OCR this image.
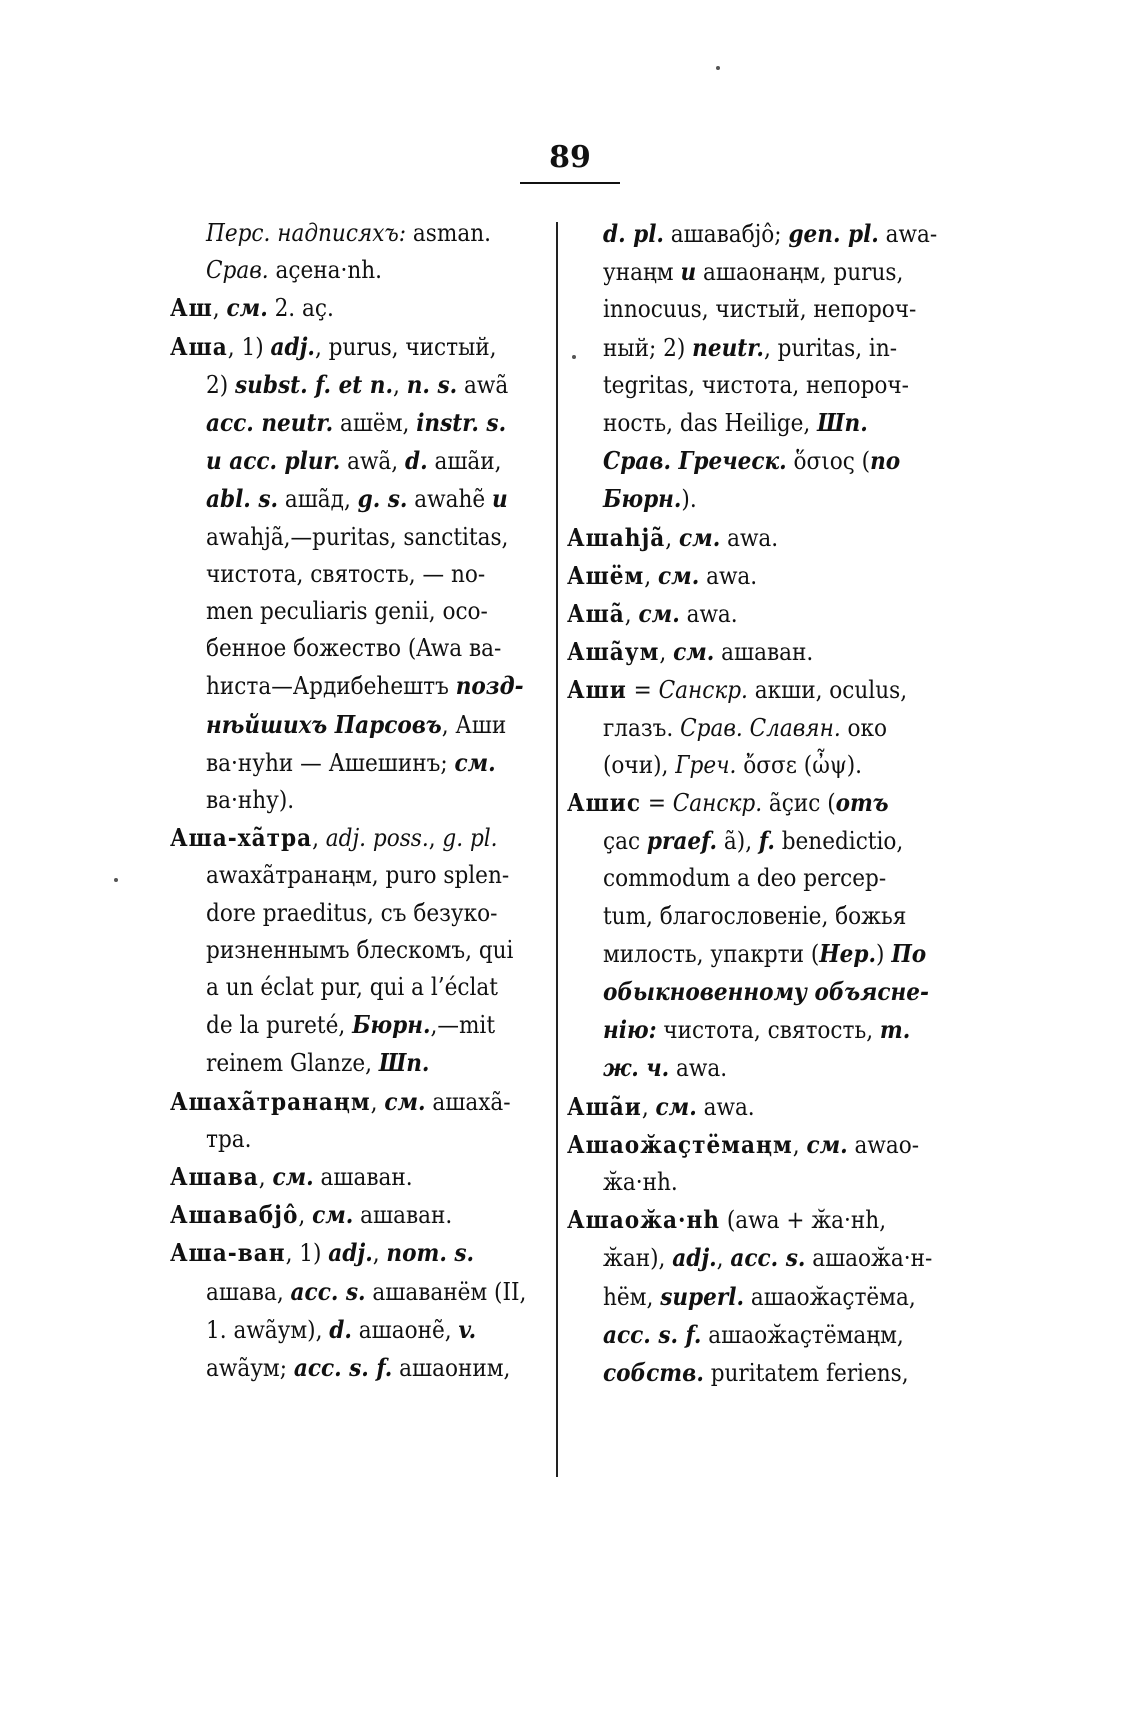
89
Перс. надписяхъ: asman.
Срав. açена·nh.
Аш, см. 2. aç.
Аша, 1) adj., purus, чистый,
2) subst. f. et n., n. s. awã
acc. neutr. ашём, instr. s.
и acc. plur. awã, d. aшãи,
abl. s. aшãд, g. s. awahẽ и
awahjã,—puritas, sanctitas,
чистота, святость, — no-
men peculiaris genii, осо-
бенное божество (Awa ва-
hиста—Ардибеhештъ позд-
нѣйшихъ Парсовъ, Аши
ва·нуhи — Ашешинъ; см.
ва·нhу).
Аша-хãтра, adj. poss., g. pl.
awaxãтранаңм, puro splen-
dore praeditus, съ безуко-
ризненнымъ блескомъ, qui
a un éclat pur, qui a l’éclat
de la pureté, Бюрн.,—mit
reinem Glanze, Шп.
Ашахãтранаңм, см. ашахã-
тра.
Ашава, см. ашаван.
Ашавабjô, см. ашаван.
Аша-ван, 1) adj., nom. s.
ашава, acc. s. ашаванём (II,
1. awãум), d. ашаонẽ, v.
awãум; acc. s. f. ашаоним,
d. pl. ашавабjô; gen. pl. awa-
унаңм и ашаонаңм, purus,
innocuus, чистый, непороч-
ный; 2) neutr., puritas, in-
tegritas, чистота, непороч-
ность, das Heilige, Шп.
Срав. Греческ. ὅσιος (по
Бюрн.).
Ашаhjã, см. awa.
Ашём, см. awa.
Ашã, см. awa.
Ашãум, см. ашаван.
Аши = Санскр. акши, oculus,
глазъ. Срав. Славян. око
(очи), Греч. ὄσσε (ὦψ).
Ашис = Санскр. ãçис (отъ
çас praef. ã), f. benedictio,
commodum a deo percep-
tum, благословеніе, божья
милость, упакрти (Нер.) По
обыкновенному объясне-
нію: чистота, святость, т.
ж. ч. awa.
Ашãи, см. awa.
Ашаоӂаçтёмаңм, см. awao-
ӂа·нh.
Ашаоӂа·нh (awa + ӂа·нh,
ӂан), adj., acc. s. ашаоӂа·н-
hём, superl. ашаоӂаçтёма,
acc. s. f. ашаоӂаçтёмаңм,
собств. puritatem feriens,
